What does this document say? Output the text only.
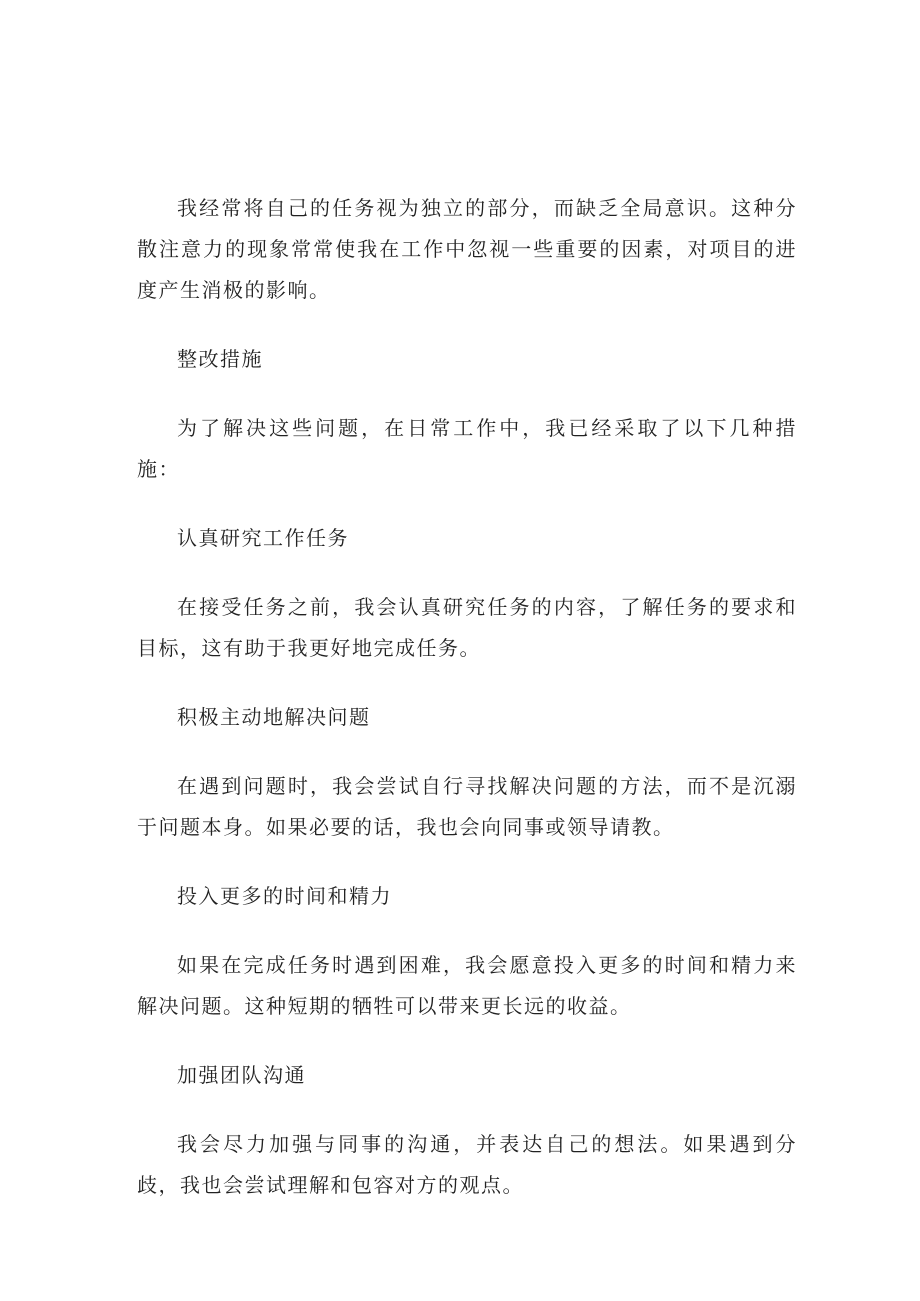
我经常将自己的任务视为独立的部分，而缺乏全局意识。这种分散注意力的现象常常使我在工作中忽视一些重要的因素，对项目的进度产生消极的影响。

整改措施

为了解决这些问题，在日常工作中，我已经采取了以下几种措施：

认真研究工作任务

在接受任务之前，我会认真研究任务的内容，了解任务的要求和目标，这有助于我更好地完成任务。

积极主动地解决问题

在遇到问题时，我会尝试自行寻找解决问题的方法，而不是沉溺于问题本身。如果必要的话，我也会向同事或领导请教。

投入更多的时间和精力

如果在完成任务时遇到困难，我会愿意投入更多的时间和精力来解决问题。这种短期的牺牲可以带来更长远的收益。

加强团队沟通

我会尽力加强与同事的沟通，并表达自己的想法。如果遇到分歧，我也会尝试理解和包容对方的观点。
